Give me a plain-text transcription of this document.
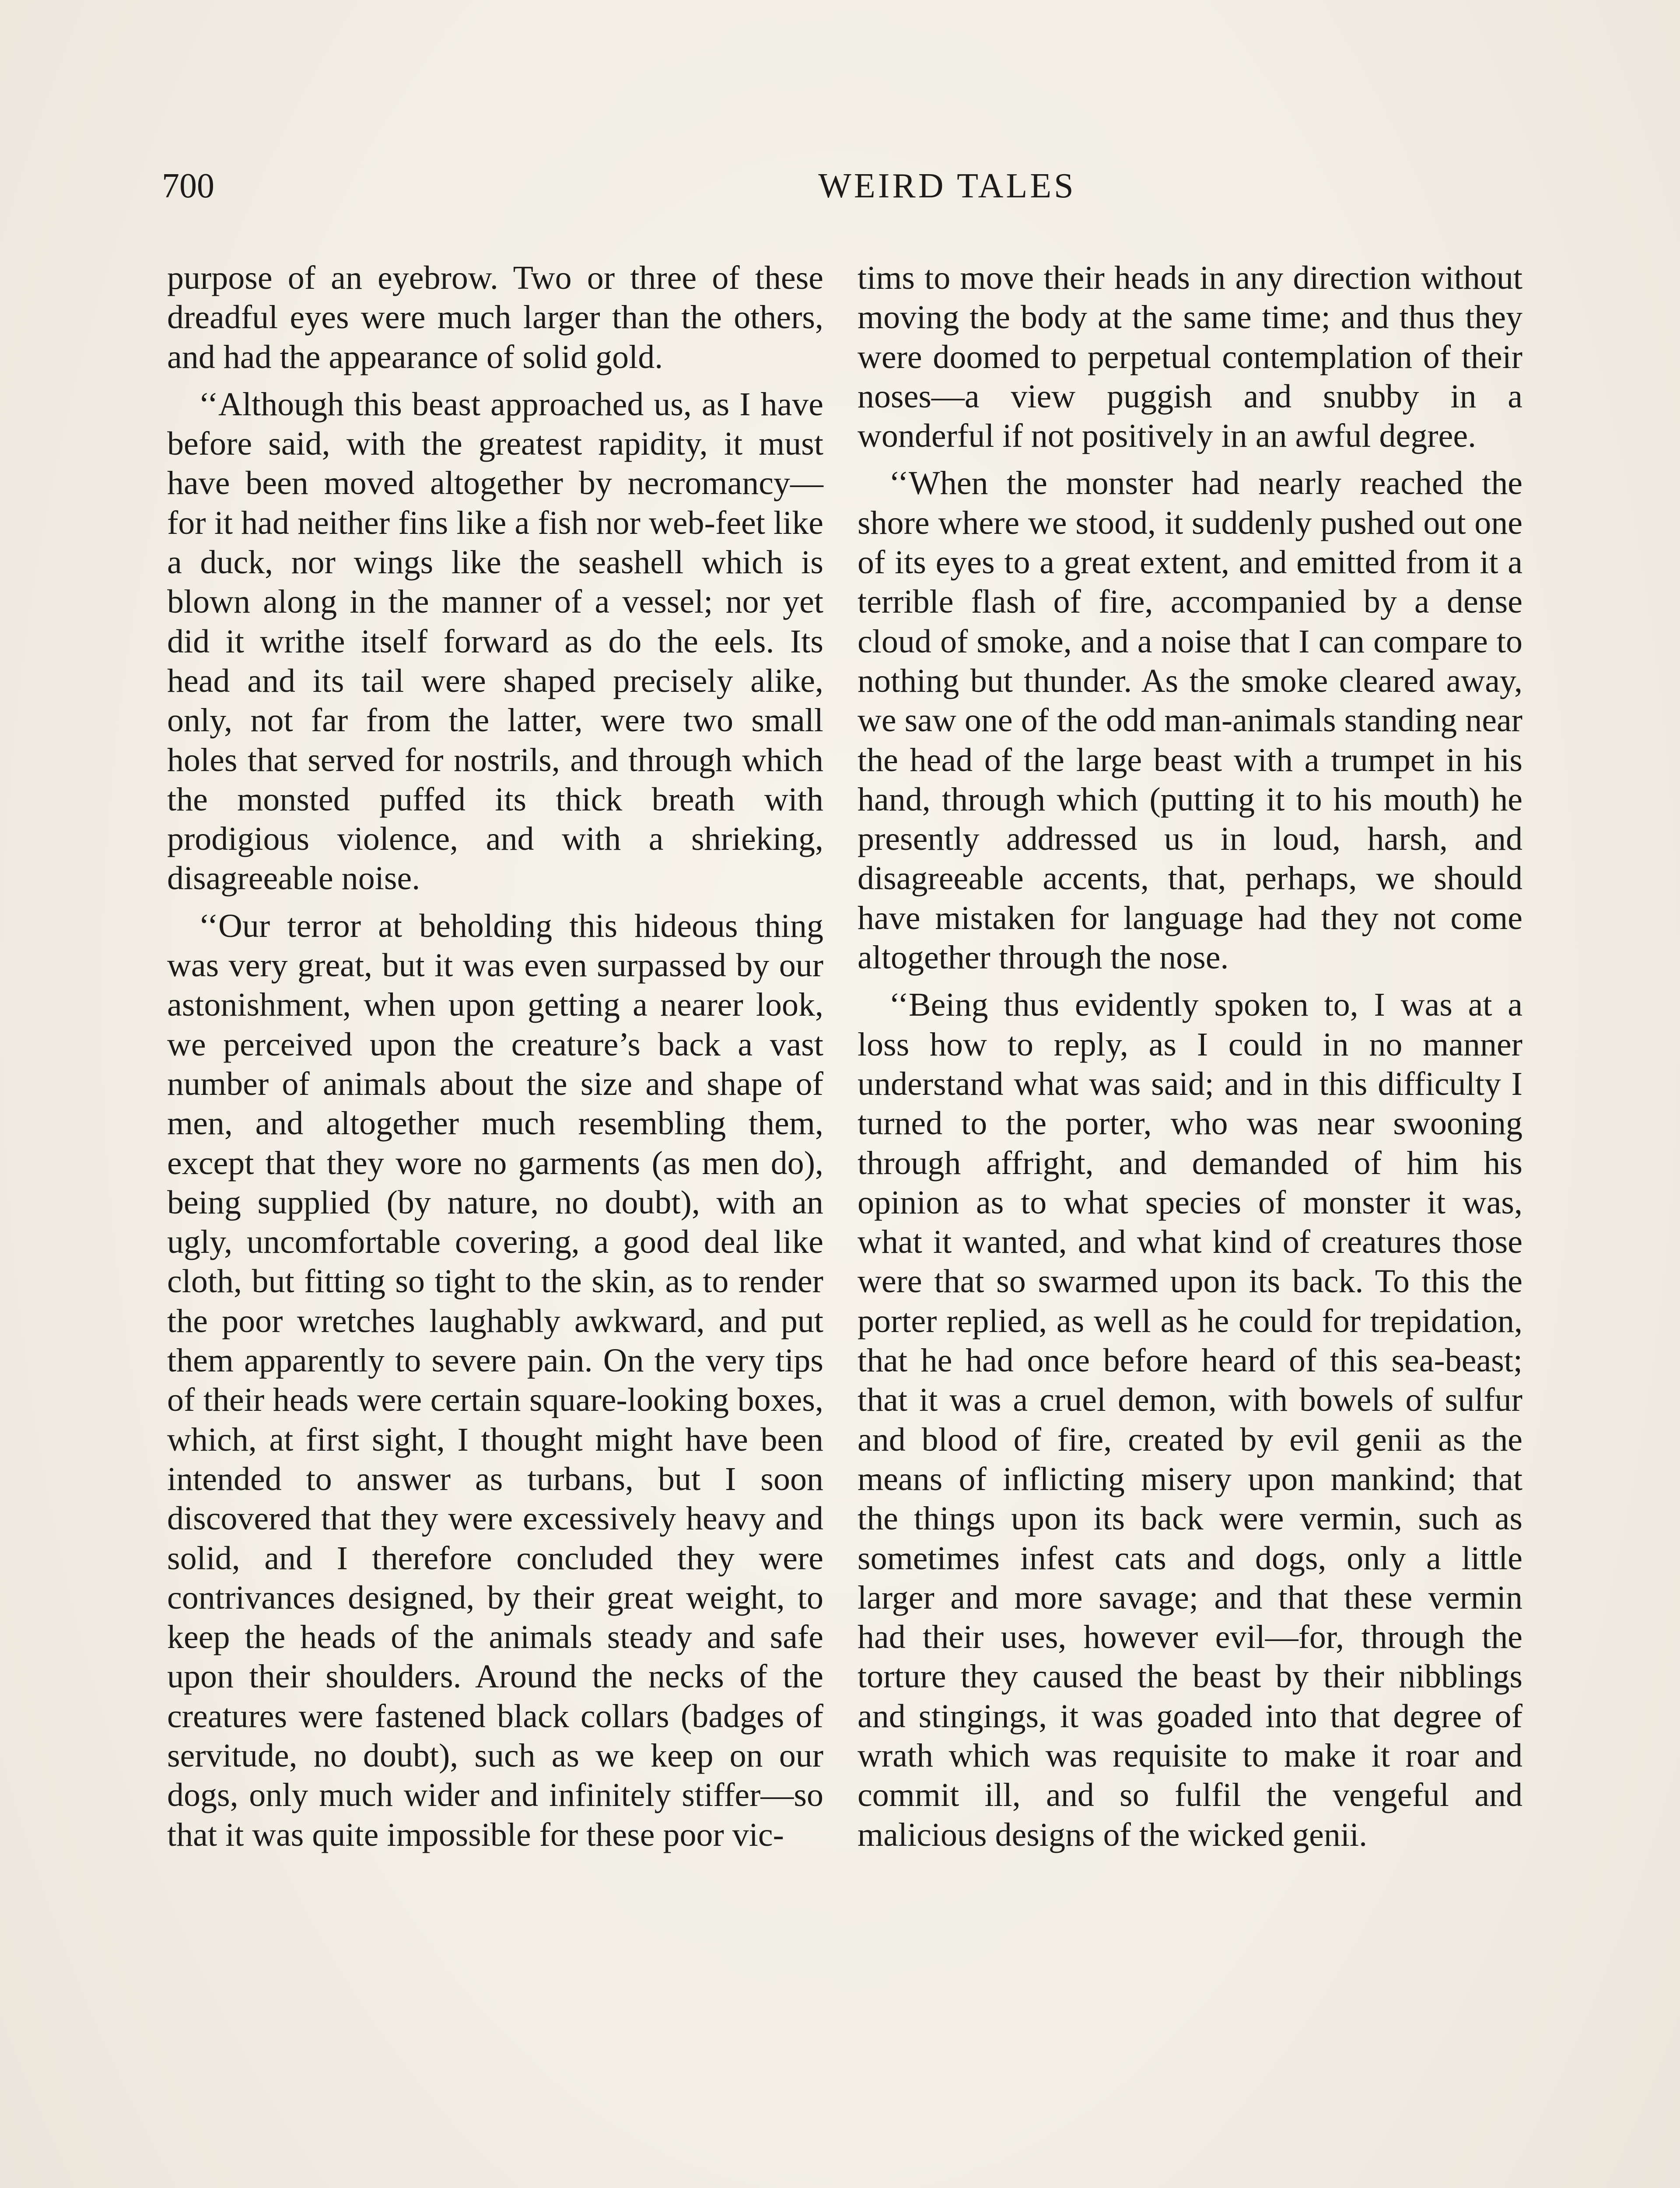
700	WEIRD TALES

purpose of an eyebrow. Two or three of these dreadful eyes were much larger than the others, and had the appearance of solid gold.

‘‘Although this beast approached us, as I have before said, with the greatest rapidity, it must have been moved altogether by necromancy—for it had neither fins like a fish nor web-feet like a duck, nor wings like the seashell which is blown along in the manner of a vessel; nor yet did it writhe itself forward as do the eels. Its head and its tail were shaped precisely alike, only, not far from the latter, were two small holes that served for nostrils, and through which the monsted puffed its thick breath with prodigious violence, and with a shrieking, disagreeable noise.

‘‘Our terror at beholding this hideous thing was very great, but it was even surpassed by our astonishment, when upon getting a nearer look, we perceived upon the creature’s back a vast number of animals about the size and shape of men, and altogether much resembling them, except that they wore no garments (as men do), being supplied (by nature, no doubt), with an ugly, uncomfortable covering, a good deal like cloth, but fitting so tight to the skin, as to render the poor wretches laughably awkward, and put them apparently to severe pain. On the very tips of their heads were certain square-looking boxes, which, at first sight, I thought might have been intended to answer as turbans, but I soon discovered that they were excessively heavy and solid, and I therefore concluded they were contrivances designed, by their great weight, to keep the heads of the animals steady and safe upon their shoulders. Around the necks of the creatures were fastened black collars (badges of servitude, no doubt), such as we keep on our dogs, only much wider and infinitely stiffer—so that it was quite impossible for these poor vic-

tims to move their heads in any direction without moving the body at the same time; and thus they were doomed to perpetual contemplation of their noses—a view puggish and snubby in a wonderful if not positively in an awful degree.

‘‘When the monster had nearly reached the shore where we stood, it suddenly pushed out one of its eyes to a great extent, and emitted from it a terrible flash of fire, accompanied by a dense cloud of smoke, and a noise that I can compare to nothing but thunder. As the smoke cleared away, we saw one of the odd man-animals standing near the head of the large beast with a trumpet in his hand, through which (putting it to his mouth) he presently addressed us in loud, harsh, and disagreeable accents, that, perhaps, we should have mistaken for language had they not come altogether through the nose.

‘‘Being thus evidently spoken to, I was at a loss how to reply, as I could in no manner understand what was said; and in this difficulty I turned to the porter, who was near swooning through affright, and demanded of him his opinion as to what species of monster it was, what it wanted, and what kind of creatures those were that so swarmed upon its back. To this the porter replied, as well as he could for trepidation, that he had once before heard of this sea-beast; that it was a cruel demon, with bowels of sulfur and blood of fire, created by evil genii as the means of inflicting misery upon mankind; that the things upon its back were vermin, such as sometimes infest cats and dogs, only a little larger and more savage; and that these vermin had their uses, however evil—for, through the torture they caused the beast by their nibblings and stingings, it was goaded into that degree of wrath which was requisite to make it roar and commit ill, and so fulfil the vengeful and malicious designs of the wicked genii.
